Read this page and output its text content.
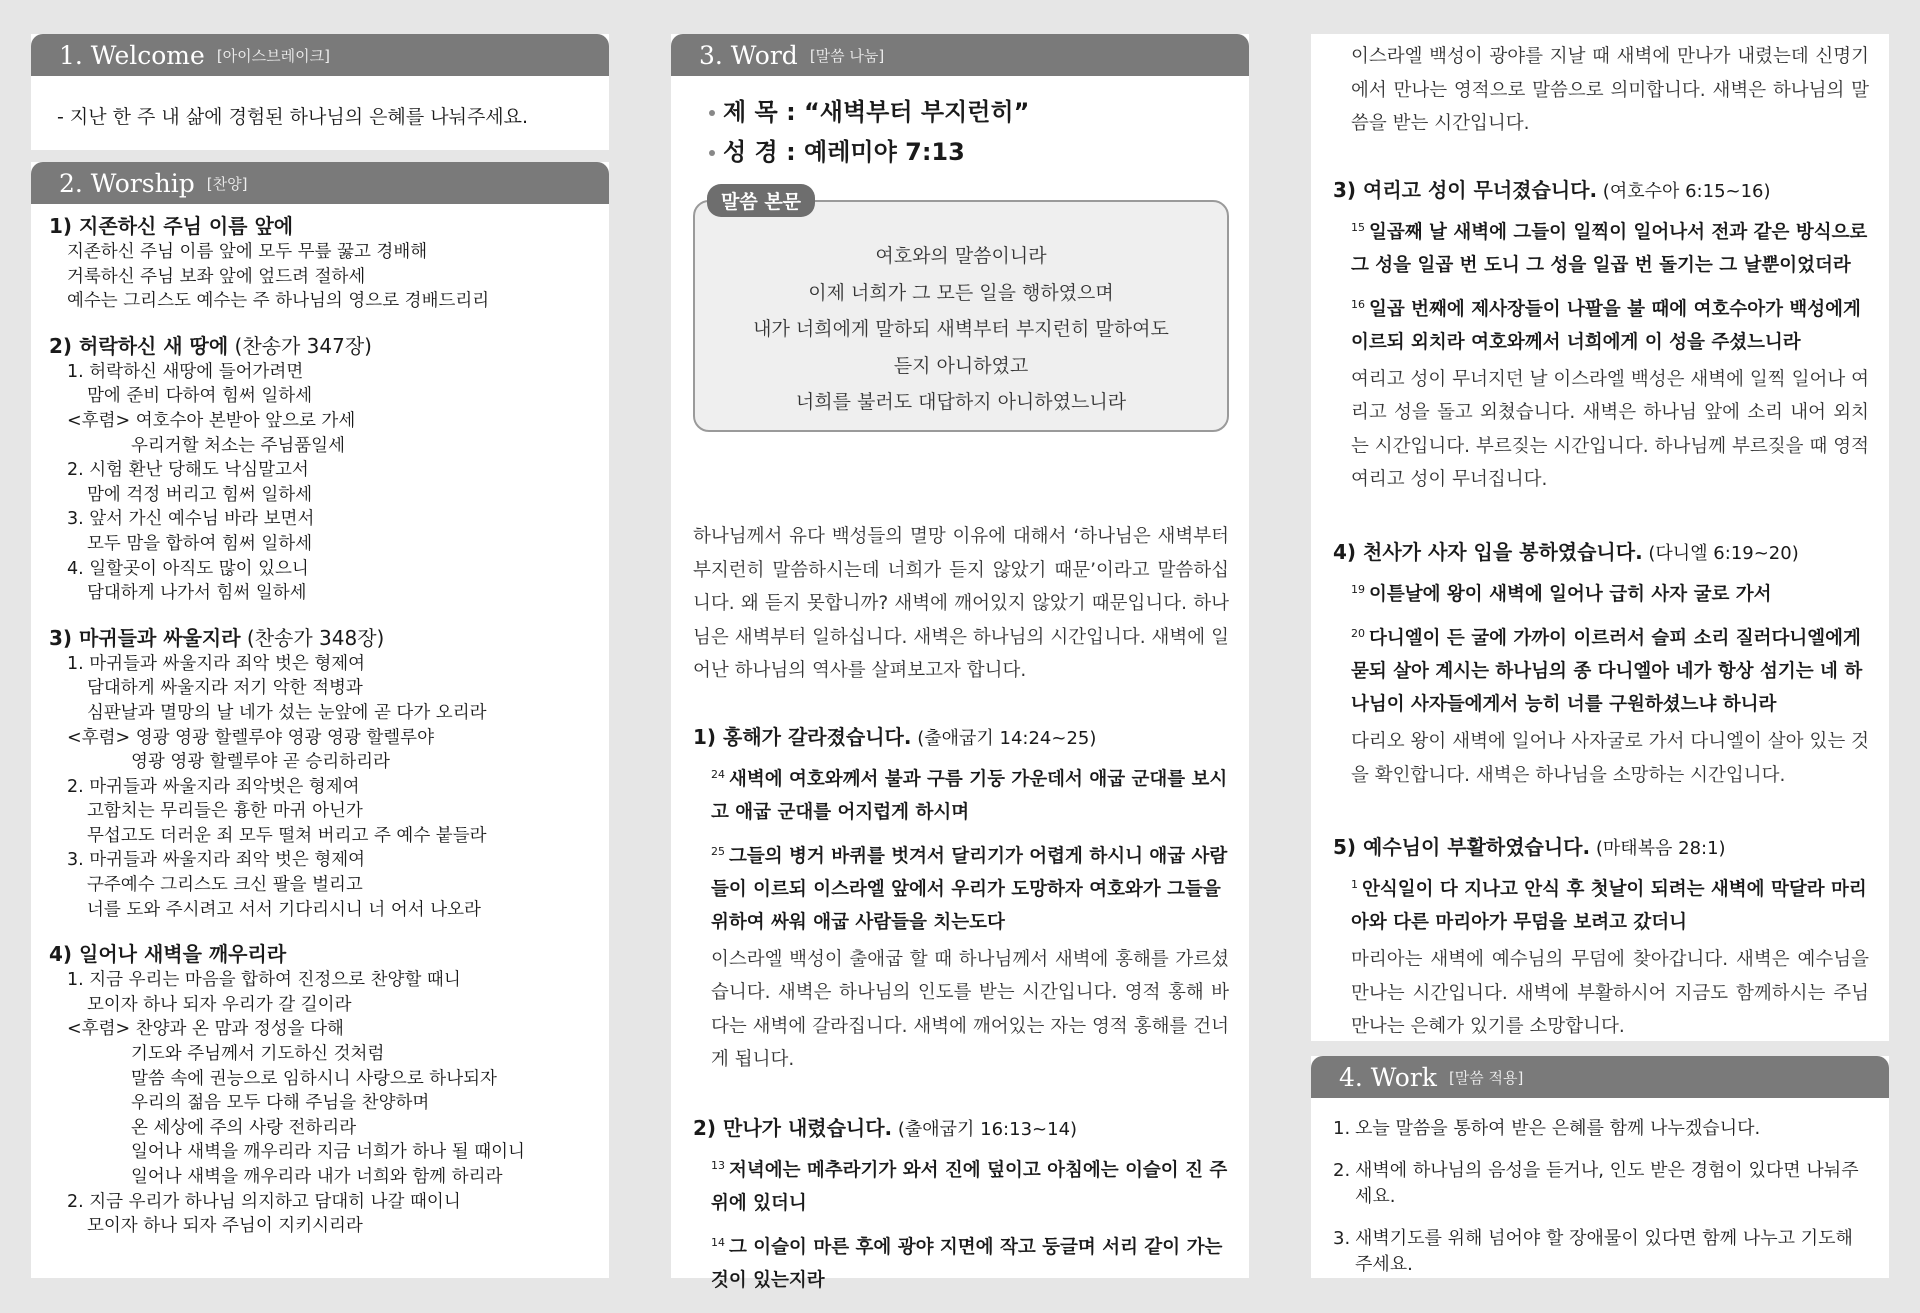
1. Welcome [아이스브레이크]
- 지난 한 주 내 삶에 경험된 하나님의 은혜를 나눠주세요.
2. Worship [찬양]
1) 지존하신 주님 이름 앞에
지존하신 주님 이름 앞에 모두 무릎 꿇고 경배해
거룩하신 주님 보좌 앞에 엎드려 절하세
예수는 그리스도 예수는 주 하나님의 영으로 경배드리리
2) 허락하신 새 땅에 (찬송가 347장)
1. 허락하신 새땅에 들어가려면
맘에 준비 다하여 힘써 일하세
<후렴> 여호수아 본받아 앞으로 가세
우리거할 처소는 주님품일세
2. 시험 환난 당해도 낙심말고서
맘에 걱정 버리고 힘써 일하세
3. 앞서 가신 예수님 바라 보면서
모두 맘을 합하여 힘써 일하세
4. 일할곳이 아직도 많이 있으니
담대하게 나가서 힘써 일하세
3) 마귀들과 싸울지라 (찬송가 348장)
1. 마귀들과 싸울지라 죄악 벗은 형제여
담대하게 싸울지라 저기 악한 적병과
심판날과 멸망의 날 네가 섰는 눈앞에 곧 다가 오리라
<후렴> 영광 영광 할렐루야 영광 영광 할렐루야
영광 영광 할렐루야 곧 승리하리라
2. 마귀들과 싸울지라 죄악벗은 형제여
고함치는 무리들은 흉한 마귀 아닌가
무섭고도 더러운 죄 모두 떨쳐 버리고 주 예수 붙들라
3. 마귀들과 싸울지라 죄악 벗은 형제여
구주예수 그리스도 크신 팔을 벌리고
너를 도와 주시려고 서서 기다리시니 너 어서 나오라
4) 일어나 새벽을 깨우리라
1. 지금 우리는 마음을 합하여 진정으로 찬양할 때니
모이자 하나 되자 우리가 갈 길이라
<후렴> 찬양과 온 맘과 정성을 다해
기도와 주님께서 기도하신 것처럼
말씀 속에 권능으로 임하시니 사랑으로 하나되자
우리의 젊음 모두 다해 주님을 찬양하며
온 세상에 주의 사랑 전하리라
일어나 새벽을 깨우리라 지금 너희가 하나 될 때이니
일어나 새벽을 깨우리라 내가 너희와 함께 하리라
2. 지금 우리가 하나님 의지하고 담대히 나갈 때이니
모이자 하나 되자 주님이 지키시리라
3. Word [말씀 나눔]
제 목 : “새벽부터 부지런히”
성 경 : 예레미야 7:13
말씀 본문
여호와의 말씀이니라
이제 너희가 그 모든 일을 행하였으며
내가 너희에게 말하되 새벽부터 부지런히 말하여도
듣지 아니하였고
너희를 불러도 대답하지 아니하였느니라
하나님께서 유다 백성들의 멸망 이유에 대해서 ‘하나님은 새벽부터 부지런히 말씀하시는데 너희가 듣지 않았기 때문’이라고 말씀하십니다. 왜 듣지 못합니까? 새벽에 깨어있지 않았기 때문입니다. 하나님은 새벽부터 일하십니다. 새벽은 하나님의 시간입니다. 새벽에 일어난 하나님의 역사를 살펴보고자 합니다.
1) 홍해가 갈라졌습니다. (출애굽기 14:24~25)
$^{24}$ 새벽에 여호와께서 불과 구름 기둥 가운데서 애굽 군대를 보시고 애굽 군대를 어지럽게 하시며
$^{25}$ 그들의 병거 바퀴를 벗겨서 달리기가 어렵게 하시니 애굽 사람들이 이르되 이스라엘 앞에서 우리가 도망하자 여호와가 그들을 위하여 싸워 애굽 사람들을 치는도다
이스라엘 백성이 출애굽 할 때 하나님께서 새벽에 홍해를 가르셨습니다. 새벽은 하나님의 인도를 받는 시간입니다. 영적 홍해 바다는 새벽에 갈라집니다. 새벽에 깨어있는 자는 영적 홍해를 건너게 됩니다.
2) 만나가 내렸습니다. (출애굽기 16:13~14)
$^{13}$ 저녁에는 메추라기가 와서 진에 덮이고 아침에는 이슬이 진 주위에 있더니
$^{14}$ 그 이슬이 마른 후에 광야 지면에 작고 둥글며 서리 같이 가는 것이 있는지라
이스라엘 백성이 광야를 지날 때 새벽에 만나가 내렸는데 신명기에서 만나는 영적으로 말씀으로 의미합니다. 새벽은 하나님의 말씀을 받는 시간입니다.
3) 여리고 성이 무너졌습니다. (여호수아 6:15~16)
$^{15}$ 일곱째 날 새벽에 그들이 일찍이 일어나서 전과 같은 방식으로 그 성을 일곱 번 도니 그 성을 일곱 번 돌기는 그 날뿐이었더라
$^{16}$ 일곱 번째에 제사장들이 나팔을 불 때에 여호수아가 백성에게 이르되 외치라 여호와께서 너희에게 이 성을 주셨느니라
여리고 성이 무너지던 날 이스라엘 백성은 새벽에 일찍 일어나 여리고 성을 돌고 외쳤습니다. 새벽은 하나님 앞에 소리 내어 외치는 시간입니다. 부르짖는 시간입니다. 하나님께 부르짖을 때 영적 여리고 성이 무너집니다.
4) 천사가 사자 입을 봉하였습니다. (다니엘 6:19~20)
$^{19}$ 이튿날에 왕이 새벽에 일어나 급히 사자 굴로 가서
$^{20}$ 다니엘이 든 굴에 가까이 이르러서 슬피 소리 질러다니엘에게 묻되 살아 계시는 하나님의 종 다니엘아 네가 항상 섬기는 네 하나님이 사자들에게서 능히 너를 구원하셨느냐 하니라
다리오 왕이 새벽에 일어나 사자굴로 가서 다니엘이 살아 있는 것을 확인합니다. 새벽은 하나님을 소망하는 시간입니다.
5) 예수님이 부활하였습니다. (마태복음 28:1)
$^1$ 안식일이 다 지나고 안식 후 첫날이 되려는 새벽에 막달라 마리아와 다른 마리아가 무덤을 보려고 갔더니
마리아는 새벽에 예수님의 무덤에 찾아갑니다. 새벽은 예수님을 만나는 시간입니다. 새벽에 부활하시어 지금도 함께하시는 주님 만나는 은혜가 있기를 소망합니다.
4. Work [말씀 적용]
1. 오늘 말씀을 통하여 받은 은혜를 함께 나누겠습니다.
2. 새벽에 하나님의 음성을 듣거나, 인도 받은 경험이 있다면 나눠주세요.
3. 새벽기도를 위해 넘어야 할 장애물이 있다면 함께 나누고 기도해 주세요.
